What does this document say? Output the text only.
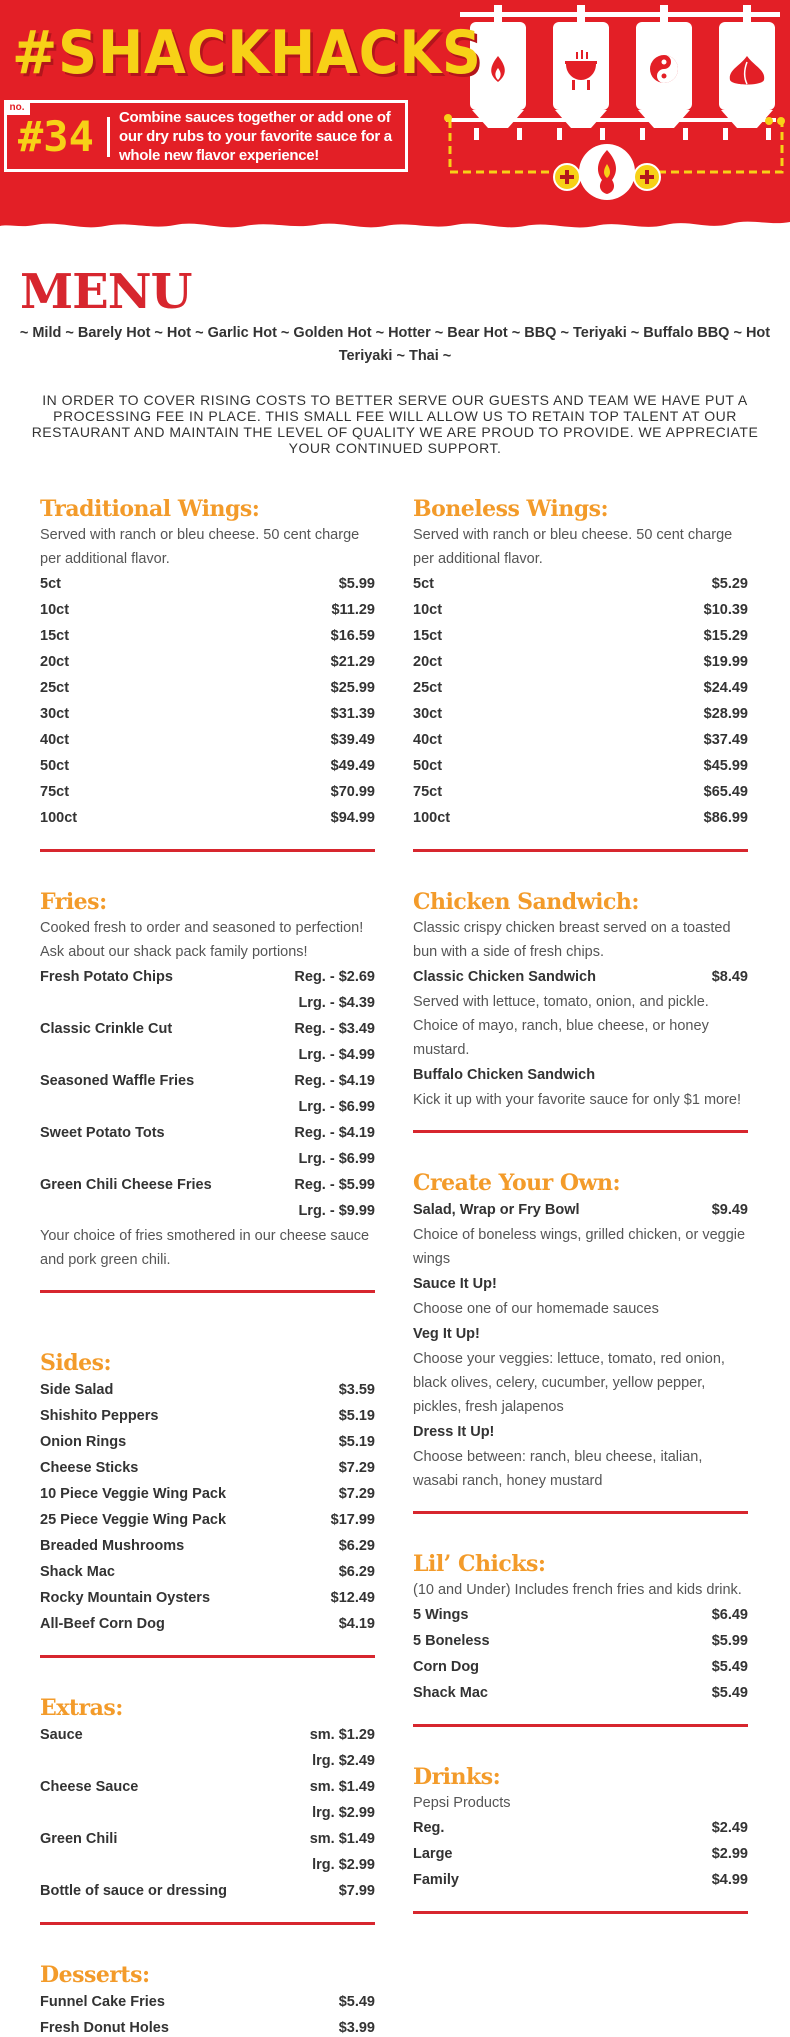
#SHACKHACKS
no.
#34 Combine sauces together or add one of our dry rubs to your favorite sauce for a whole new flavor experience!
MENU
~ Mild ~ Barely Hot ~ Hot ~ Garlic Hot ~ Golden Hot ~ Hotter ~ Bear Hot ~ BBQ ~ Teriyaki ~ Buffalo BBQ ~ Hot Teriyaki ~ Thai ~
IN ORDER TO COVER RISING COSTS TO BETTER SERVE OUR GUESTS AND TEAM WE HAVE PUT A PROCESSING FEE IN PLACE. THIS SMALL FEE WILL ALLOW US TO RETAIN TOP TALENT AT OUR RESTAURANT AND MAINTAIN THE LEVEL OF QUALITY WE ARE PROUD TO PROVIDE. WE APPRECIATE YOUR CONTINUED SUPPORT.
Traditional Wings:
Served with ranch or bleu cheese. 50 cent charge per additional flavor.
5ct	$5.99
10ct	$11.29
15ct	$16.59
20ct	$21.29
25ct	$25.99
30ct	$31.39
40ct	$39.49
50ct	$49.49
75ct	$70.99
100ct	$94.99
Fries:
Cooked fresh to order and seasoned to perfection! Ask about our shack pack family portions!
Fresh Potato Chips	Reg. - $2.69
Lrg. - $4.39
Classic Crinkle Cut	Reg. - $3.49
Lrg. - $4.99
Seasoned Waffle Fries	Reg. - $4.19
Lrg. - $6.99
Sweet Potato Tots	Reg. - $4.19
Lrg. - $6.99
Green Chili Cheese Fries	Reg. - $5.99
Lrg. - $9.99
Your choice of fries smothered in our cheese sauce and pork green chili.
Sides:
Side Salad	$3.59
Shishito Peppers	$5.19
Onion Rings	$5.19
Cheese Sticks	$7.29
10 Piece Veggie Wing Pack	$7.29
25 Piece Veggie Wing Pack	$17.99
Breaded Mushrooms	$6.29
Shack Mac	$6.29
Rocky Mountain Oysters	$12.49
All-Beef Corn Dog	$4.19
Extras:
Sauce	sm. $1.29
lrg. $2.49
Cheese Sauce	sm. $1.49
lrg. $2.99
Green Chili	sm. $1.49
lrg. $2.99
Bottle of sauce or dressing	$7.99
Desserts:
Funnel Cake Fries	$5.49
Fresh Donut Holes	$3.99
Boneless Wings:
Served with ranch or bleu cheese. 50 cent charge per additional flavor.
5ct	$5.29
10ct	$10.39
15ct	$15.29
20ct	$19.99
25ct	$24.49
30ct	$28.99
40ct	$37.49
50ct	$45.99
75ct	$65.49
100ct	$86.99
Chicken Sandwich:
Classic crispy chicken breast served on a toasted bun with a side of fresh chips.
Classic Chicken Sandwich	$8.49
Served with lettuce, tomato, onion, and pickle. Choice of mayo, ranch, blue cheese, or honey mustard.
Buffalo Chicken Sandwich
Kick it up with your favorite sauce for only $1 more!
Create Your Own:
Salad, Wrap or Fry Bowl	$9.49
Choice of boneless wings, grilled chicken, or veggie wings
Sauce It Up!
Choose one of our homemade sauces
Veg It Up!
Choose your veggies: lettuce, tomato, red onion, black olives, celery, cucumber, yellow pepper, pickles, fresh jalapenos
Dress It Up!
Choose between: ranch, bleu cheese, italian, wasabi ranch, honey mustard
Lil’ Chicks:
(10 and Under) Includes french fries and kids drink.
5 Wings	$6.49
5 Boneless	$5.99
Corn Dog	$5.49
Shack Mac	$5.49
Drinks:
Pepsi Products
Reg.	$2.49
Large	$2.99
Family	$4.99
